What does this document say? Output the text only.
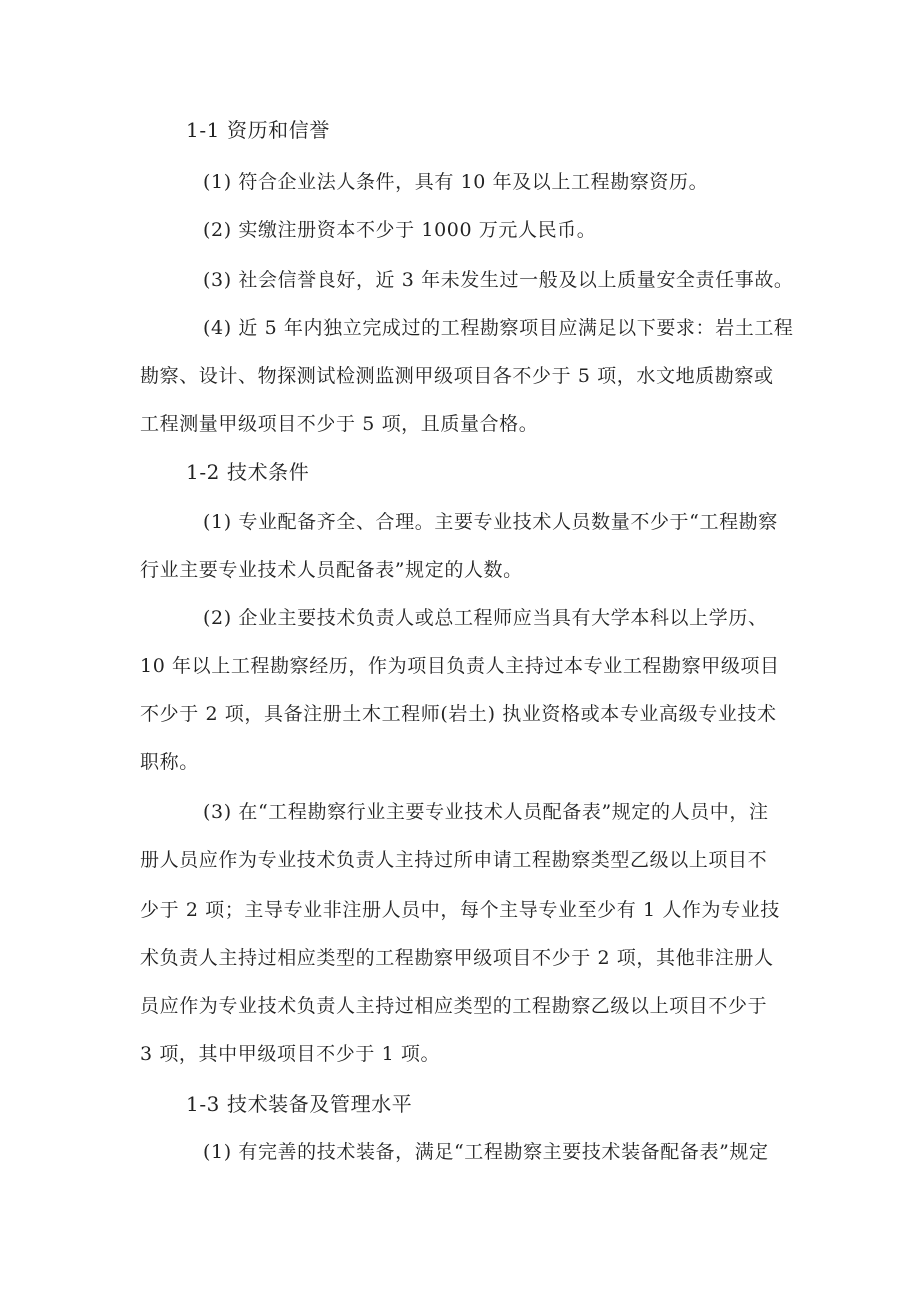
1-1 资历和信誉

(1) 符合企业法人条件，具有 10 年及以上工程勘察资历。

(2) 实缴注册资本不少于 1000 万元人民币。

(3) 社会信誉良好，近 3 年未发生过一般及以上质量安全责任事故。

(4) 近 5 年内独立完成过的工程勘察项目应满足以下要求：岩土工程

勘察、设计、物探测试检测监测甲级项目各不少于 5 项，水文地质勘察或

工程测量甲级项目不少于 5 项，且质量合格。

1-2 技术条件

(1) 专业配备齐全、合理。主要专业技术人员数量不少于“工程勘察

行业主要专业技术人员配备表”规定的人数。

(2) 企业主要技术负责人或总工程师应当具有大学本科以上学历、

10 年以上工程勘察经历，作为项目负责人主持过本专业工程勘察甲级项目

不少于 2 项，具备注册土木工程师(岩土) 执业资格或本专业高级专业技术

职称。

(3) 在“工程勘察行业主要专业技术人员配备表”规定的人员中，注

册人员应作为专业技术负责人主持过所申请工程勘察类型乙级以上项目不

少于 2 项；主导专业非注册人员中，每个主导专业至少有 1 人作为专业技

术负责人主持过相应类型的工程勘察甲级项目不少于 2 项，其他非注册人

员应作为专业技术负责人主持过相应类型的工程勘察乙级以上项目不少于

3 项，其中甲级项目不少于 1 项。

1-3 技术装备及管理水平

(1) 有完善的技术装备，满足“工程勘察主要技术装备配备表”规定
